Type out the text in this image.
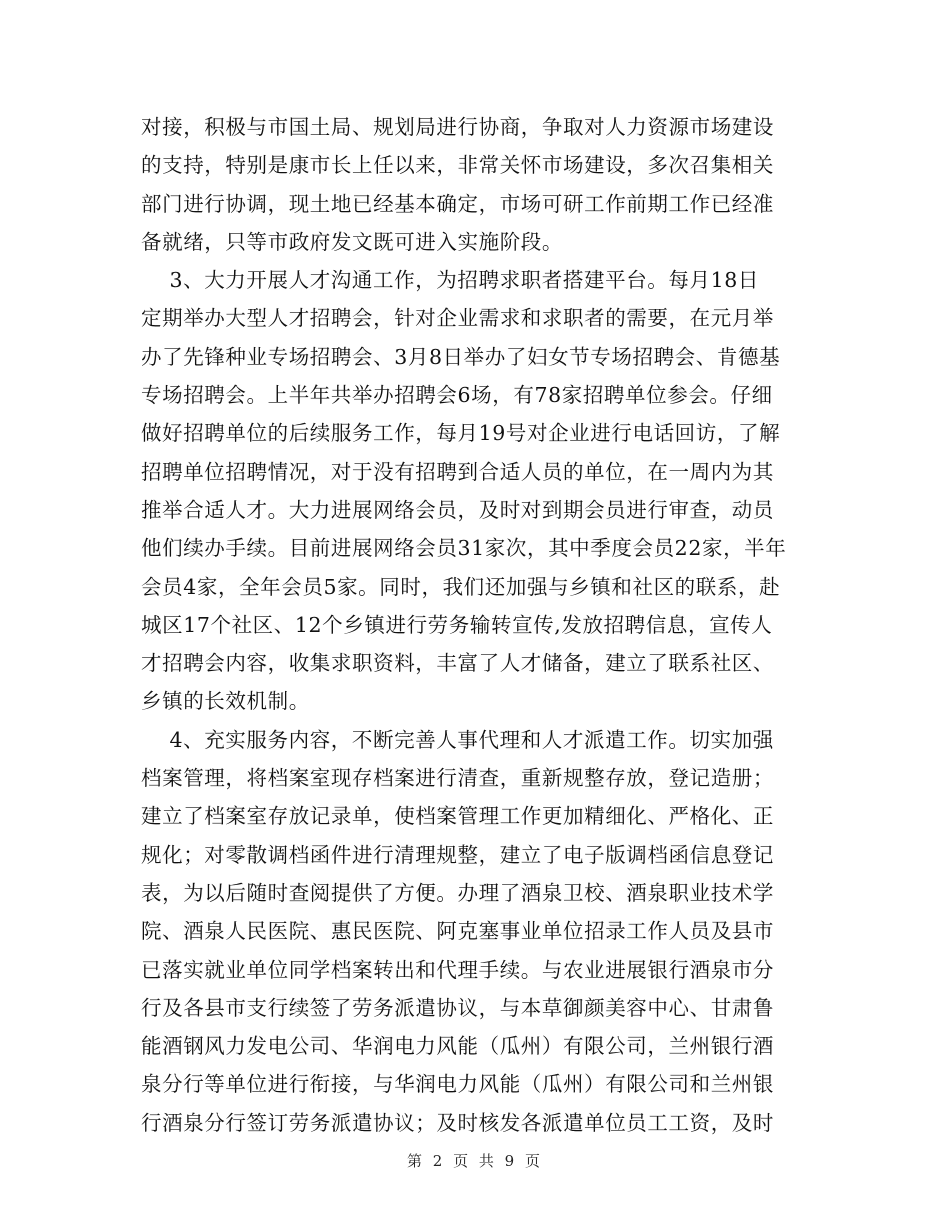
对接，积极与市国土局、规划局进行协商，争取对人力资源市场建设
的支持，特别是康市长上任以来，非常关怀市场建设，多次召集相关
部门进行协调，现土地已经基本确定，市场可研工作前期工作已经准
备就绪，只等市政府发文既可进入实施阶段。
3、大力开展人才沟通工作，为招聘求职者搭建平台。每月18日
定期举办大型人才招聘会，针对企业需求和求职者的需要，在元月举
办了先锋种业专场招聘会、3月8日举办了妇女节专场招聘会、肯德基
专场招聘会。上半年共举办招聘会6场，有78家招聘单位参会。仔细
做好招聘单位的后续服务工作，每月19号对企业进行电话回访，了解
招聘单位招聘情况，对于没有招聘到合适人员的单位，在一周内为其
推举合适人才。大力进展网络会员，及时对到期会员进行审查，动员
他们续办手续。目前进展网络会员31家次，其中季度会员22家，半年
会员4家，全年会员5家。同时，我们还加强与乡镇和社区的联系，赴
城区17个社区、12个乡镇进行劳务输转宣传,发放招聘信息，宣传人
才招聘会内容，收集求职资料，丰富了人才储备，建立了联系社区、
乡镇的长效机制。
4、充实服务内容，不断完善人事代理和人才派遣工作。切实加强
档案管理，将档案室现存档案进行清查，重新规整存放，登记造册；
建立了档案室存放记录单，使档案管理工作更加精细化、严格化、正
规化；对零散调档函件进行清理规整，建立了电子版调档函信息登记
表，为以后随时查阅提供了方便。办理了酒泉卫校、酒泉职业技术学
院、酒泉人民医院、惠民医院、阿克塞事业单位招录工作人员及县市
已落实就业单位同学档案转出和代理手续。与农业进展银行酒泉市分
行及各县市支行续签了劳务派遣协议，与本草御颜美容中心、甘肃鲁
能酒钢风力发电公司、华润电力风能（瓜州）有限公司，兰州银行酒
泉分行等单位进行衔接，与华润电力风能（瓜州）有限公司和兰州银
行酒泉分行签订劳务派遣协议；及时核发各派遣单位员工工资，及时
第 2 页 共 9 页
